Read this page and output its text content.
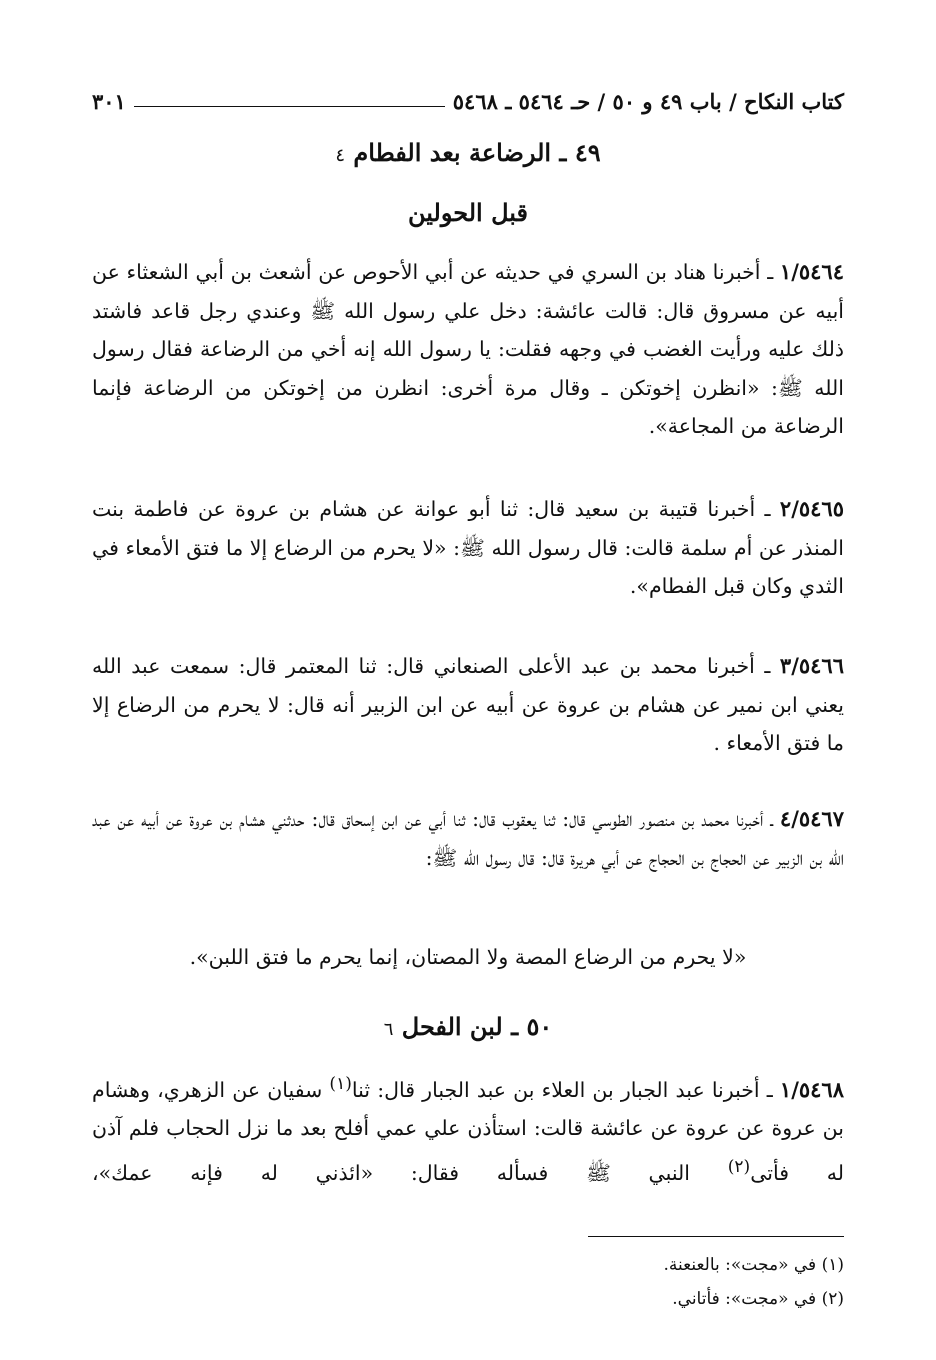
كتاب النكاح / باب ٤٩ و ٥٠ / حـ ٥٤٦٤ ـ ٥٤٦٨
٣٠١
٤٩ ـ الرضاعة بعد الفطام ٤
قبل الحولين
١/٥٤٦٤ ـ أخبرنا هناد بن السري في حديثه عن أبي الأحوص عن أشعث بن أبي الشعثاء عن أبيه عن مسروق قال: قالت عائشة: دخل علي رسول الله ﷺ وعندي رجل قاعد فاشتد ذلك عليه ورأيت الغضب في وجهه فقلت: يا رسول الله إنه أخي من الرضاعة فقال رسول الله ﷺ: «انظرن إخوتكن ـ وقال مرة أخرى: انظرن من إخوتكن من الرضاعة فإنما الرضاعة من المجاعة».
٢/٥٤٦٥ ـ أخبرنا قتيبة بن سعيد قال: ثنا أبو عوانة عن هشام بن عروة عن فاطمة بنت المنذر عن أم سلمة قالت: قال رسول الله ﷺ: «لا يحرم من الرضاع إلا ما فتق الأمعاء في الثدي وكان قبل الفطام».
٣/٥٤٦٦ ـ أخبرنا محمد بن عبد الأعلى الصنعاني قال: ثنا المعتمر قال: سمعت عبد الله يعني ابن نمير عن هشام بن عروة عن أبيه عن ابن الزبير أنه قال: لا يحرم من الرضاع إلا ما فتق الأمعاء .
٤/٥٤٦٧ ـ أخبرنا محمد بن منصور الطوسي قال: ثنا يعقوب قال: ثنا أبي عن ابن إسحاق قال: حدثني هشام بن عروة عن أبيه عن عبد الله بن الزبير عن الحجاج بن الحجاج عن أبي هريرة قال: قال رسول الله ﷺ:
«لا يحرم من الرضاع المصة ولا المصتان، إنما يحرم ما فتق اللبن».
٥٠ ـ لبن الفحل ٦
١/٥٤٦٨ ـ أخبرنا عبد الجبار بن العلاء بن عبد الجبار قال: ثنا$^{(١)}$ سفيان عن الزهري، وهشام بن عروة عن عروة عن عائشة قالت: استأذن علي عمي أفلح بعد ما نزل الحجاب فلم آذن له فأتى$^{(٢)}$ النبي ﷺ فسأله فقال: «ائذني له فإنه عمك»،
(١) في «مجت»: بالعنعنة.
(٢) في «مجت»: فأتاني.
